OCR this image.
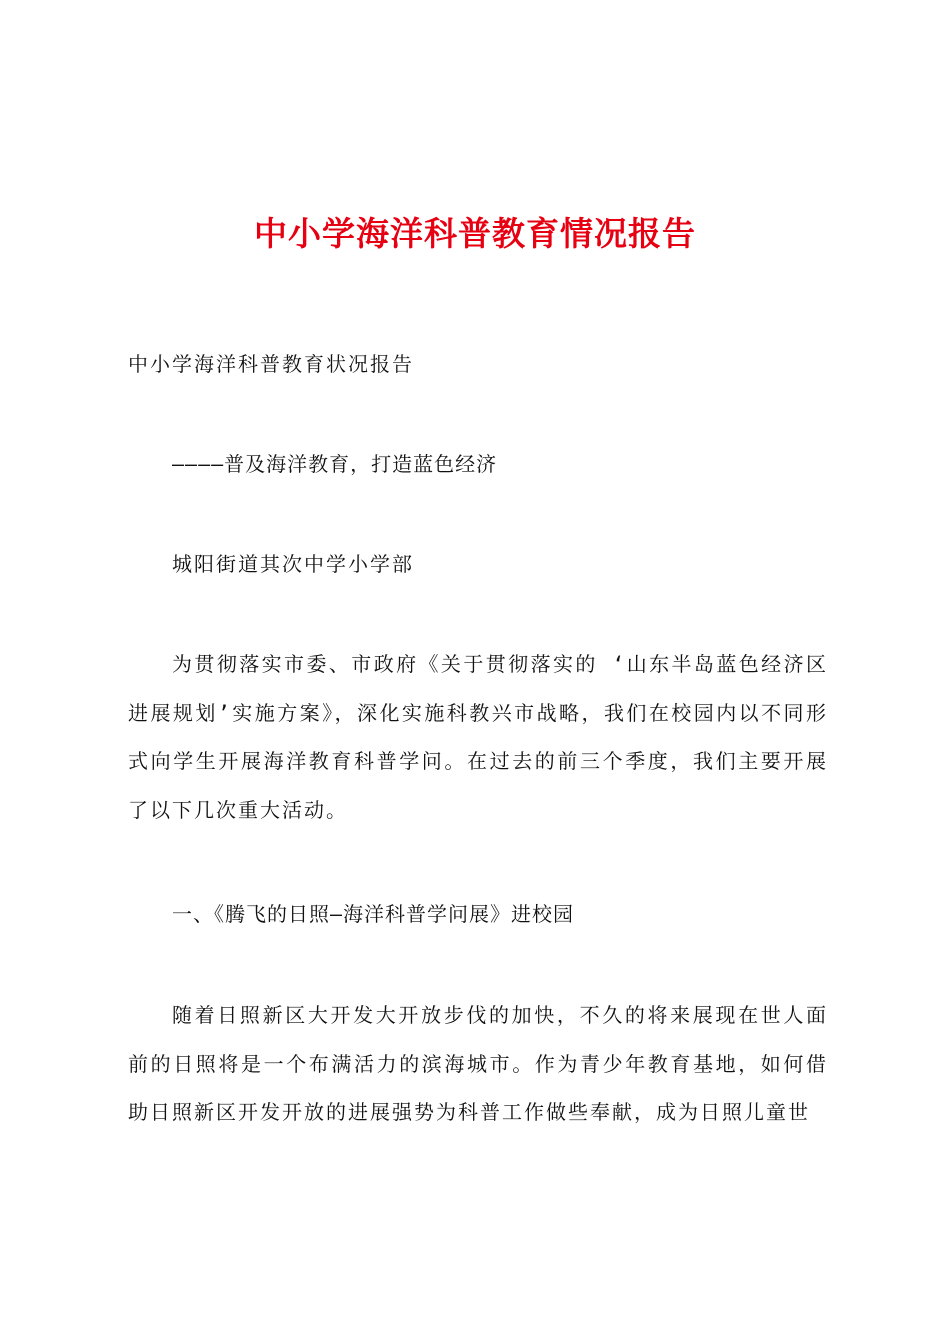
中小学海洋科普教育情况报告
中小学海洋科普教育状况报告
————普及海洋教育，打造蓝色经济
城阳街道其次中学小学部
为贯彻落实市委、市政府《关于贯彻落实的 ‘山东半岛蓝色经济区进展规划’实施方案》，深化实施科教兴市战略，我们在校园内以不同形式向学生开展海洋教育科普学问。在过去的前三个季度，我们主要开展了以下几次重大活动。
一、《腾飞的日照—海洋科普学问展》进校园
随着日照新区大开发大开放步伐的加快，不久的将来展现在世人面前的日照将是一个布满活力的滨海城市。作为青少年教育基地，如何借助日照新区开发开放的进展强势为科普工作做些奉献，成为日照儿童世
